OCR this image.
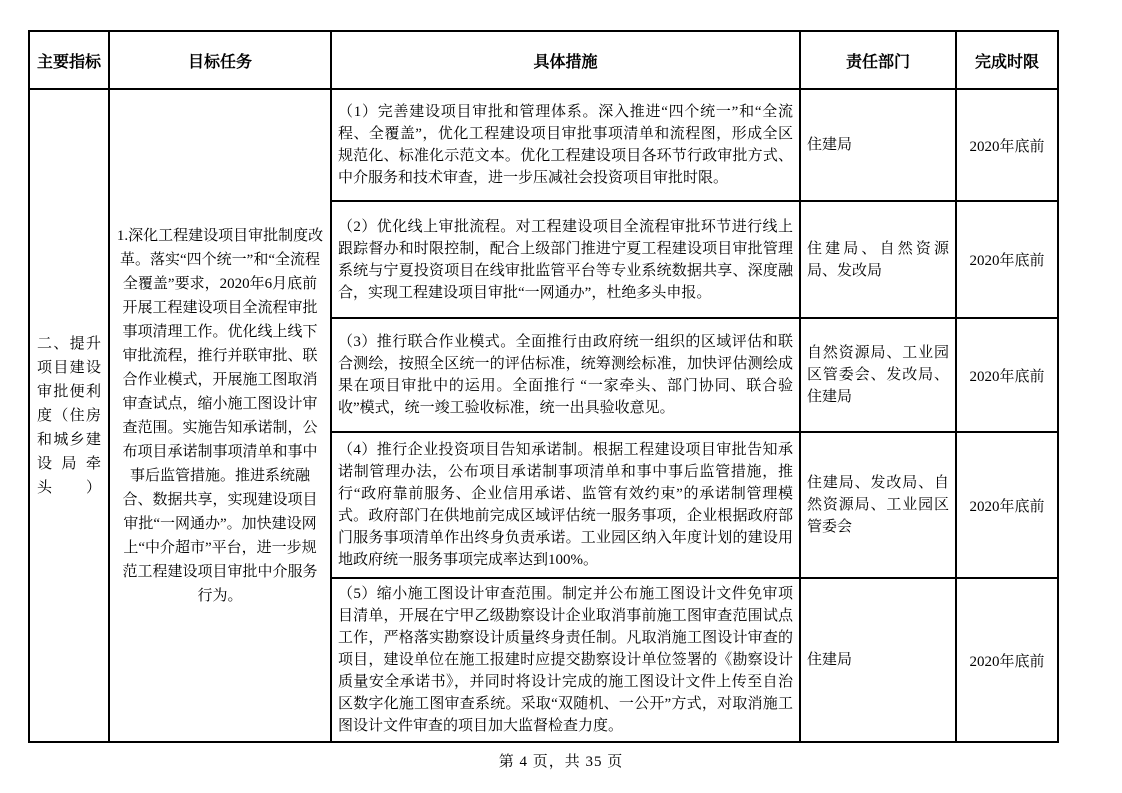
主要指标	目标任务	具体措施	责任部门	完成时限
二、提升项目建设审批便利度（住房和城乡建设局牵头）	1.深化工程建设项目审批制度改革。落实“四个统一”和“全流程全覆盖”要求，2020年6月底前开展工程建设项目全流程审批事项清理工作。优化线上线下审批流程，推行并联审批、联合作业模式，开展施工图取消审查试点，缩小施工图设计审查范围。实施告知承诺制，公布项目承诺制事项清单和事中事后监管措施。推进系统融合、数据共享，实现建设项目审批“一网通办”。加快建设网上“中介超市”平台，进一步规范工程建设项目审批中介服务行为。	（1）完善建设项目审批和管理体系。深入推进“四个统一”和“全流程、全覆盖”，优化工程建设项目审批事项清单和流程图，形成全区规范化、标准化示范文本。优化工程建设项目各环节行政审批方式、中介服务和技术审查，进一步压减社会投资项目审批时限。	住建局	2020年底前
		（2）优化线上审批流程。对工程建设项目全流程审批环节进行线上跟踪督办和时限控制，配合上级部门推进宁夏工程建设项目审批管理系统与宁夏投资项目在线审批监管平台等专业系统数据共享、深度融合，实现工程建设项目审批“一网通办”，杜绝多头申报。	住建局、自然资源局、发改局	2020年底前
		（3）推行联合作业模式。全面推行由政府统一组织的区域评估和联合测绘，按照全区统一的评估标准，统筹测绘标准，加快评估测绘成果在项目审批中的运用。全面推行 “一家牵头、部门协同、联合验收”模式，统一竣工验收标准，统一出具验收意见。	自然资源局、工业园区管委会、发改局、住建局	2020年底前
		（4）推行企业投资项目告知承诺制。根据工程建设项目审批告知承诺制管理办法，公布项目承诺制事项清单和事中事后监管措施，推行“政府靠前服务、企业信用承诺、监管有效约束”的承诺制管理模式。政府部门在供地前完成区域评估统一服务事项，企业根据政府部门服务事项清单作出终身负责承诺。工业园区纳入年度计划的建设用地政府统一服务事项完成率达到100%。	住建局、发改局、自然资源局、工业园区管委会	2020年底前
		（5）缩小施工图设计审查范围。制定并公布施工图设计文件免审项目清单，开展在宁甲乙级勘察设计企业取消事前施工图审查范围试点工作，严格落实勘察设计质量终身责任制。凡取消施工图设计审查的项目，建设单位在施工报建时应提交勘察设计单位签署的《勘察设计质量安全承诺书》，并同时将设计完成的施工图设计文件上传至自治区数字化施工图审查系统。采取“双随机、一公开”方式，对取消施工图设计文件审查的项目加大监督检查力度。	住建局	2020年底前
第 4 页，共 35 页
